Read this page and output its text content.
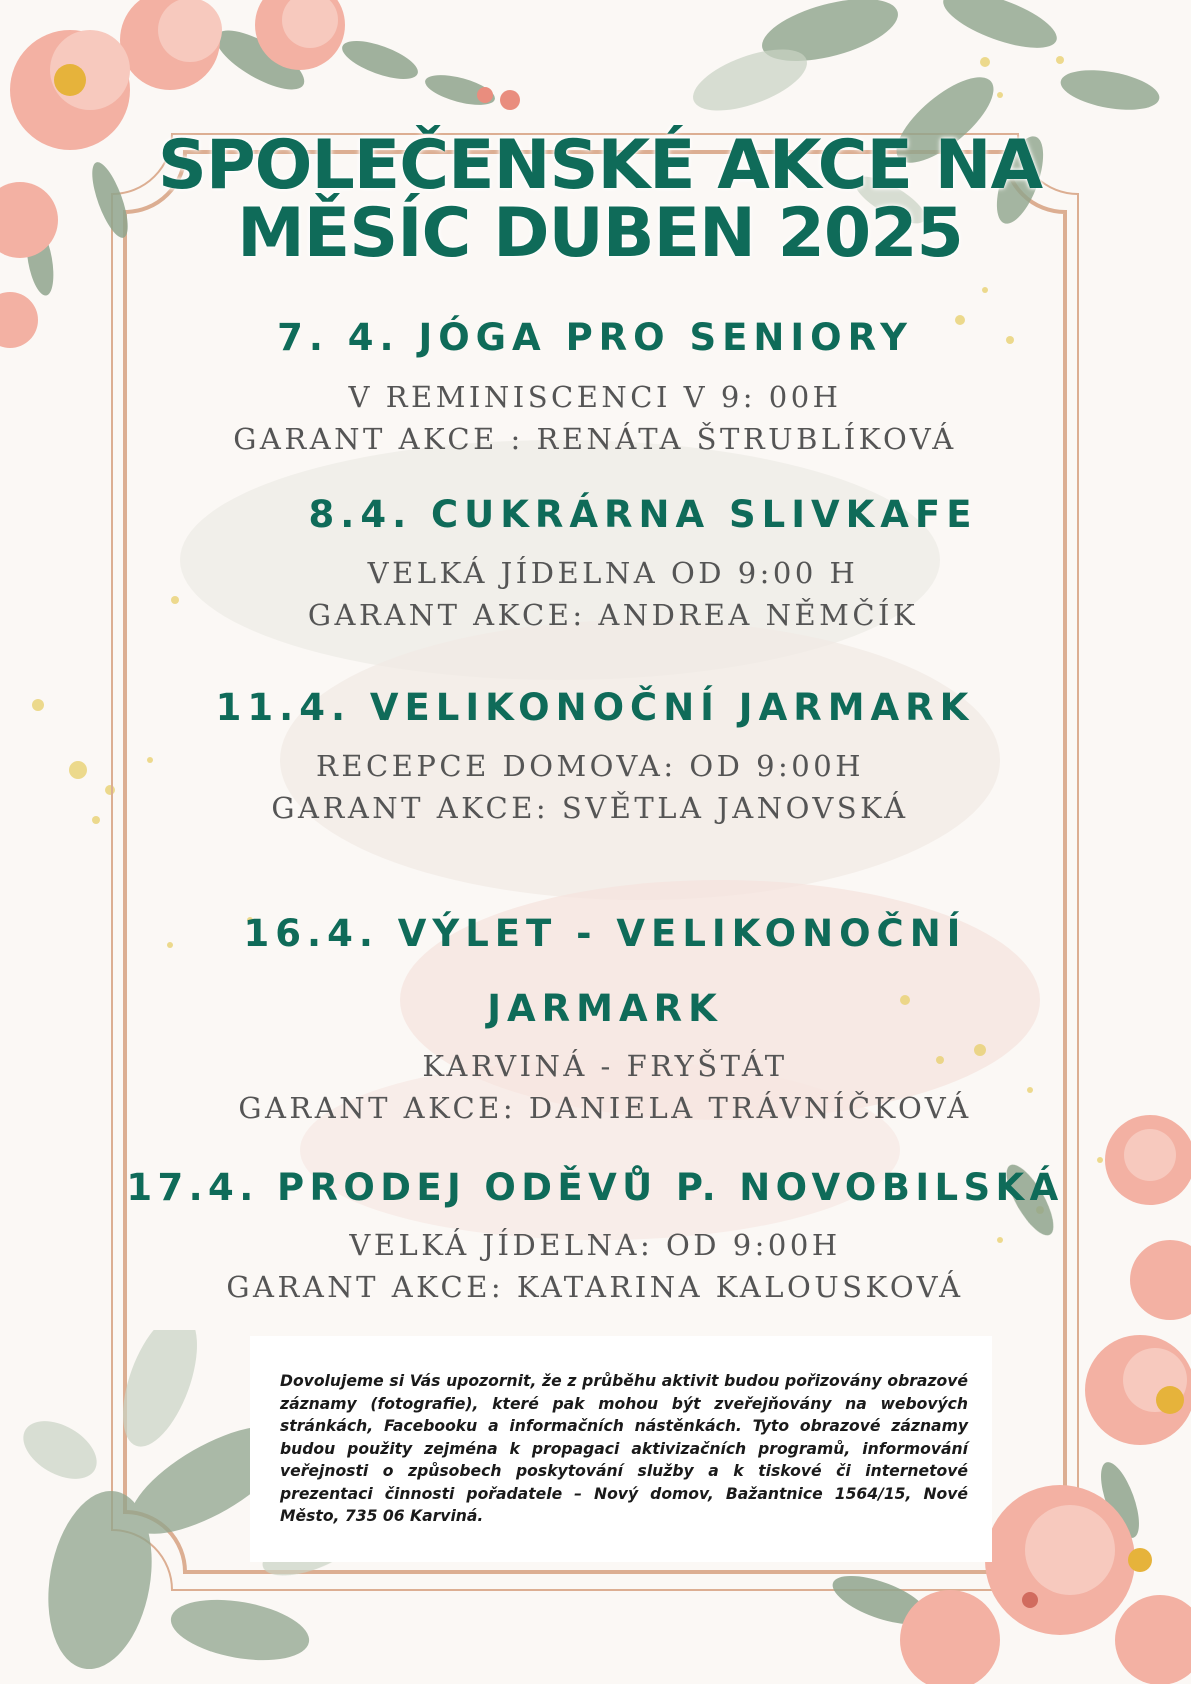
SPOLEČENSKÉ AKCE NA
MĚSÍC DUBEN 2025
7. 4. JÓGA PRO SENIORY

V REMINISCENCI V 9: 00H

GARANT AKCE : RENÁTA ŠTRUBLÍKOVÁ

8.4. CUKRÁRNA SLIVKAFE

VELKÁ JÍDELNA OD 9:00 H

GARANT AKCE: ANDREA NĚMČÍK

11.4. VELIKONOČNÍ JARMARK

RECEPCE DOMOVA: OD 9:00H

GARANT AKCE: SVĚTLA JANOVSKÁ

16.4. VÝLET - VELIKONOČNÍ
JARMARK

KARVINÁ - FRYŠTÁT

GARANT AKCE: DANIELA TRÁVNÍČKOVÁ

17.4. PRODEJ ODĚVŮ P. NOVOBILSKÁ

VELKÁ JÍDELNA: OD 9:00H

GARANT AKCE: KATARINA KALOUSKOVÁ

Dovolujeme si Vás upozornit, že z průběhu aktivit budou pořizovány obrazové záznamy (fotografie), které pak mohou být zveřejňovány na webových stránkách, Facebooku a informačních nástěnkách. Tyto obrazové záznamy budou použity zejména k propagaci aktivizačních programů, informování veřejnosti o způsobech poskytování služby a k tiskové či internetové prezentaci činnosti pořadatele – Nový domov, Bažantnice 1564/15, Nové Město, 735 06 Karviná.
